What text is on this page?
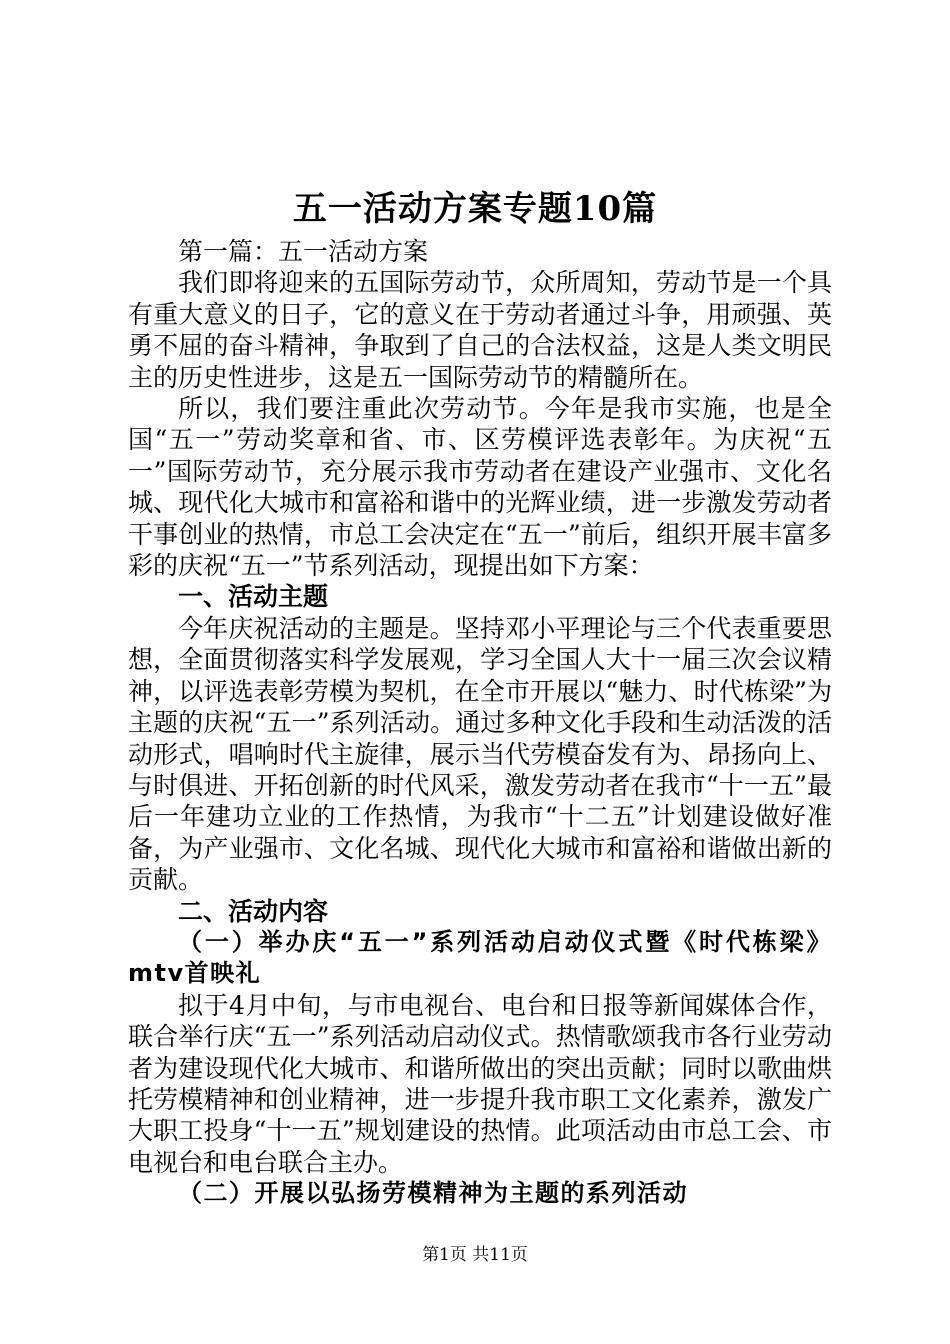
五一活动方案专题10篇

第一篇：五一活动方案

我们即将迎来的五国际劳动节，众所周知，劳动节是一个具有重大意义的日子，它的意义在于劳动者通过斗争，用顽强、英勇不屈的奋斗精神，争取到了自己的合法权益，这是人类文明民主的历史性进步，这是五一国际劳动节的精髓所在。

所以，我们要注重此次劳动节。今年是我市实施，也是全国“五一”劳动奖章和省、市、区劳模评选表彰年。为庆祝“五一”国际劳动节，充分展示我市劳动者在建设产业强市、文化名城、现代化大城市和富裕和谐中的光辉业绩，进一步激发劳动者干事创业的热情，市总工会决定在“五一”前后，组织开展丰富多彩的庆祝“五一”节系列活动，现提出如下方案：

一、活动主题

今年庆祝活动的主题是。坚持邓小平理论与三个代表重要思想，全面贯彻落实科学发展观，学习全国人大十一届三次会议精神，以评选表彰劳模为契机，在全市开展以“魅力、时代栋梁”为主题的庆祝“五一”系列活动。通过多种文化手段和生动活泼的活动形式，唱响时代主旋律，展示当代劳模奋发有为、昂扬向上、与时俱进、开拓创新的时代风采，激发劳动者在我市“十一五”最后一年建功立业的工作热情，为我市“十二五”计划建设做好准备，为产业强市、文化名城、现代化大城市和富裕和谐做出新的贡献。

二、活动内容

（一）举办庆“五一”系列活动启动仪式暨《时代栋梁》mtv首映礼

拟于4月中旬，与市电视台、电台和日报等新闻媒体合作，联合举行庆“五一”系列活动启动仪式。热情歌颂我市各行业劳动者为建设现代化大城市、和谐所做出的突出贡献；同时以歌曲烘托劳模精神和创业精神，进一步提升我市职工文化素养，激发广大职工投身“十一五”规划建设的热情。此项活动由市总工会、市电视台和电台联合主办。

（二）开展以弘扬劳模精神为主题的系列活动

第1页 共11页
